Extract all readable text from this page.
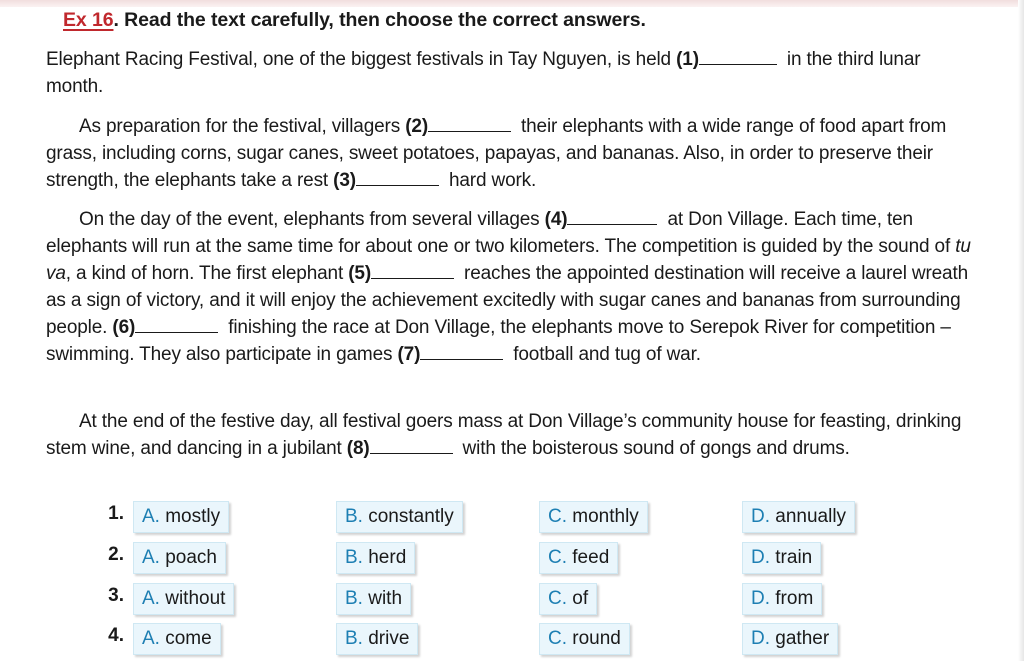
Ex 16. Read the text carefully, then choose the correct answers.
Elephant Racing Festival, one of the biggest festivals in Tay Nguyen, is held (1)	in the third lunar month.
As preparation for the festival, villagers (2)	their elephants with a wide range of food apart from grass, including corns, sugar canes, sweet potatoes, papayas, and bananas. Also, in order to preserve their strength, the elephants take a rest (3)	hard work.
On the day of the event, elephants from several villages (4)	at Don Village. Each time, ten elephants will run at the same time for about one or two kilometers. The competition is guided by the sound of tu va, a kind of horn. The first elephant (5)	reaches the appointed destination will receive a laurel wreath as a sign of victory, and it will enjoy the achievement excitedly with sugar canes and bananas from surrounding people. (6)	finishing the race at Don Village, the elephants move to Serepok River for competition – swimming. They also participate in games (7)	football and tug of war.
At the end of the festive day, all festival goers mass at Don Village’s community house for feasting, drinking stem wine, and dancing in a jubilant (8)	with the boisterous sound of gongs and drums.
1. A. mostly	B. constantly	C. monthly	D. annually
2. A. poach	B. herd	C. feed	D. train
3. A. without	B. with	C. of	D. from
4. A. come	B. drive	C. round	D. gather
